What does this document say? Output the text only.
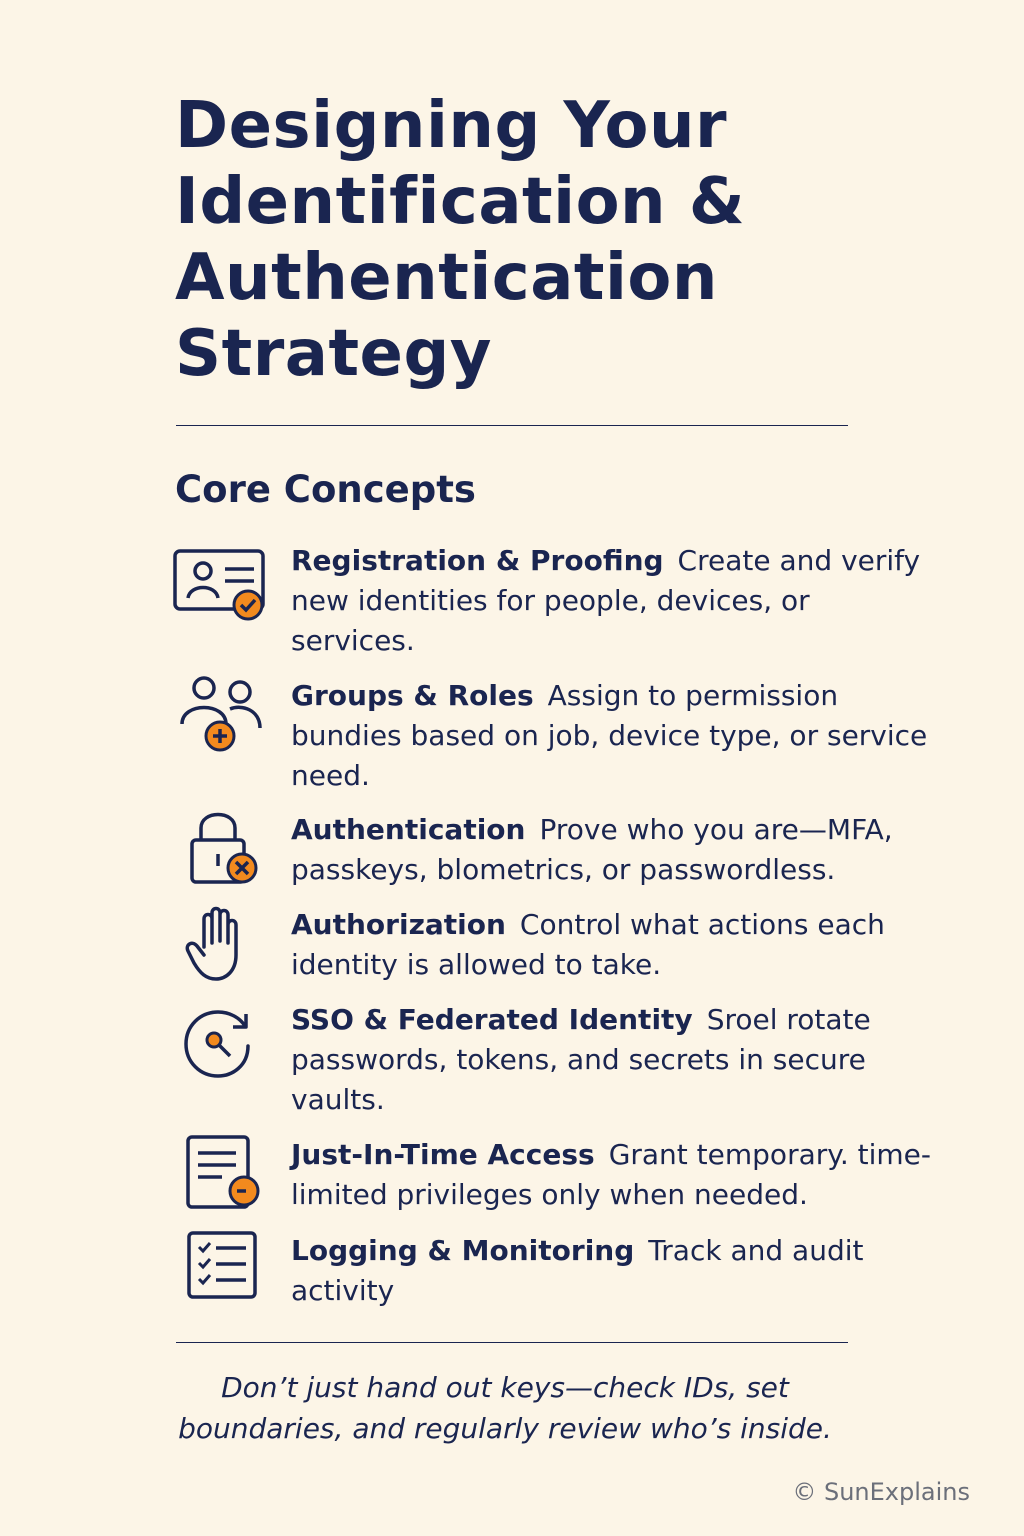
Designing Your
Identification &
Authentication
Strategy
Core Concepts

Registration & Proofing Create and verify new identities for people, devices, or services.

Groups & Roles Assign to permission bundies based on job, device type, or service need.

Authentication Prove who you are—MFA, passkeys, blometrics, or passwordless.

Authorization Control what actions each identity is allowed to take.

SSO & Federated Identity Sroel rotate passwords, tokens, and secrets in secure vaults.

Just-In-Time Access Grant temporary. time-limited privileges only when needed.

Logging & Monitoring Track and audit activity

Don’t just hand out keys—check IDs, set boundaries, and regularly review who’s inside.

© SunExplains
